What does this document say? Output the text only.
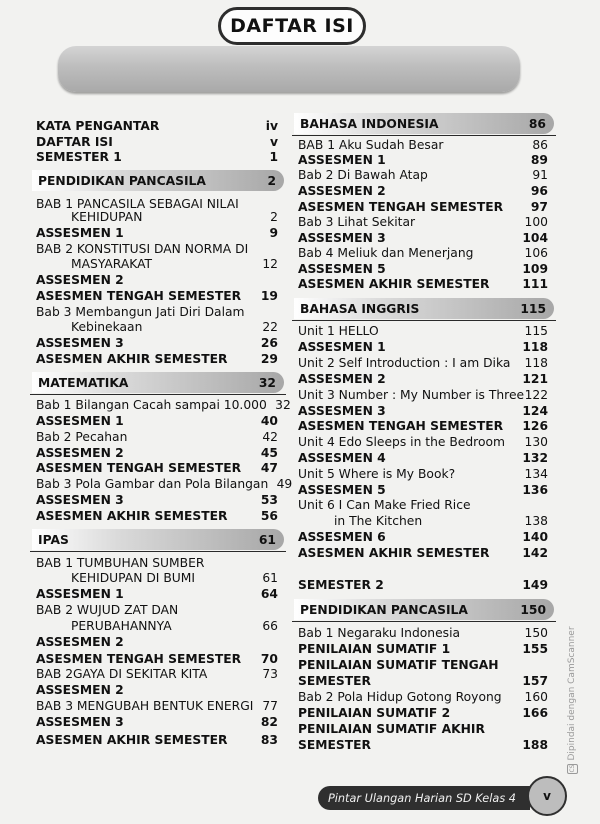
DAFTAR ISI
KATA PENGANTAR	iv
DAFTAR ISI	v
SEMESTER 1	1
PENDIDIKAN PANCASILA	2
BAB 1 PANCASILA SEBAGAI NILAI
KEHIDUPAN	2
ASSESMEN 1	9
BAB 2 KONSTITUSI DAN NORMA DI
MASYARAKAT	12
ASSESMEN 2
ASESMEN TENGAH SEMESTER	19
Bab 3 Membangun Jati Diri Dalam
Kebinekaan	22
ASSESMEN 3	26
ASESMEN AKHIR SEMESTER	29
MATEMATIKA	32
Bab 1 Bilangan Cacah sampai 10.000 32
ASSESMEN 1	40
Bab 2 Pecahan	42
ASSESMEN 2	45
ASESMEN TENGAH SEMESTER	47
Bab 3 Pola Gambar dan Pola Bilangan 49
ASSESMEN 3	53
ASESMEN AKHIR SEMESTER	56
IPAS	61
BAB 1 TUMBUHAN SUMBER
KEHIDUPAN DI BUMI	61
ASSESMEN 1	64
BAB 2 WUJUD ZAT DAN
PERUBAHANNYA	66
ASSESMEN 2
ASESMEN TENGAH SEMESTER	70
BAB 2GAYA DI SEKITAR KITA	73
ASSESMEN 2
BAB 3 MENGUBAH BENTUK ENERGI 77
ASSESMEN 3	82
ASESMEN AKHIR SEMESTER	83
BAHASA INDONESIA	86
BAB 1 Aku Sudah Besar	86
ASSESMEN 1	89
Bab 2 Di Bawah Atap	91
ASSESMEN 2	96
ASESMEN TENGAH SEMESTER	97
Bab 3 Lihat Sekitar	100
ASSESMEN 3	104
Bab 4 Meliuk dan Menerjang	106
ASSESMEN 5	109
ASESMEN AKHIR SEMESTER	111
BAHASA INGGRIS	115
Unit 1 HELLO	115
ASSESMEN 1	118
Unit 2 Self Introduction : I am Dika	118
ASSESMEN 2	121
Unit 3 Number : My Number is Three 122
ASSESMEN 3	124
ASESMEN TENGAH SEMESTER	126
Unit 4 Edo Sleeps in the Bedroom	130
ASSESMEN 4	132
Unit 5 Where is My Book?	134
ASSESMEN 5	136
Unit 6 I Can Make Fried Rice
in The Kitchen	138
ASSESMEN 6	140
ASESMEN AKHIR SEMESTER	142
SEMESTER 2	149
PENDIDIKAN PANCASILA	150
Bab 1 Negaraku Indonesia	150
PENILAIAN SUMATIF 1	155
PENILAIAN SUMATIF TENGAH
SEMESTER	157
Bab 2 Pola Hidup Gotong Royong	160
PENILAIAN SUMATIF 2	166
PENILAIAN SUMATIF AKHIR
SEMESTER	188
Pintar Ulangan Harian SD Kelas 4	v
CS
Dipindai dengan CamScanner
